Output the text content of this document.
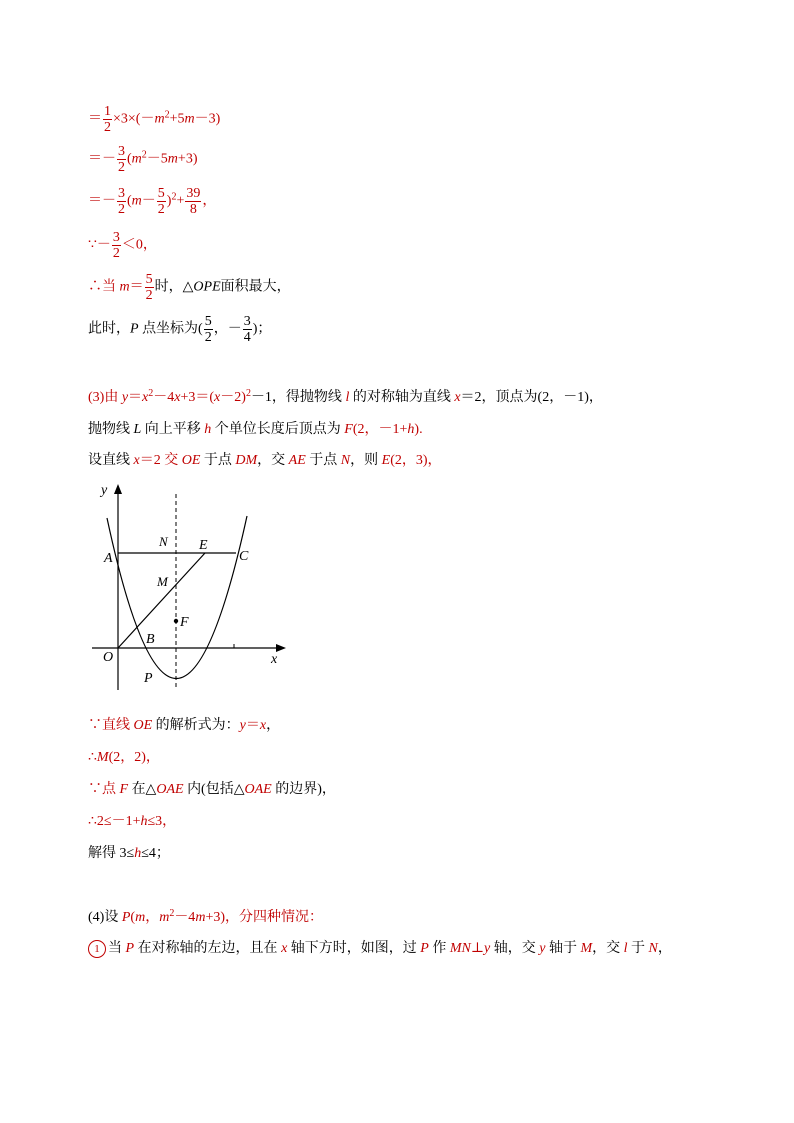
＝ $\frac{1}{2} \times 3\times(-m^2+5m-3)$
＝－ $\frac{3}{2} (m^2-5m+3)$
＝－ $\frac{3}{2} (m- \frac{5}{2} )^2+ \frac{39}{8}$ ，
∵－ $\frac{3}{2} <0$，
∴当 $m= \frac{5}{2}$ 时，△OPE面积最大，
此时，P 点坐标为( $\frac{5}{2}$ ，－ $\frac{3}{4}$ )；
(3)由 $y=x^2-4x+3=(x-2)^2-1$，得抛物线 l 的对称轴为直线 x＝2，顶点为(2，－1)，
抛物线 L 向上平移 h 个单位长度后顶点为 F(2，－1+h).
设直线 x＝2 交 OE 于点 DM，交 AE 于点 N，则 E(2，3)，
y
x
O
A	C
N E
M
F
B
P
∵直线 OE 的解析式为：y＝x，
∴M(2，2)，
∵点 F 在△OAE 内(包括△OAE 的边界)，
∴2≤－1+h≤3，
解得 3≤h≤4；
(4)设 P(m，$m^2-4m+3$)，分四种情况：
1 当 P 在对称轴的左边，且在 x 轴下方时，如图，过 P 作 MN⊥y 轴，交 y 轴于 M，交 l 于 N，
